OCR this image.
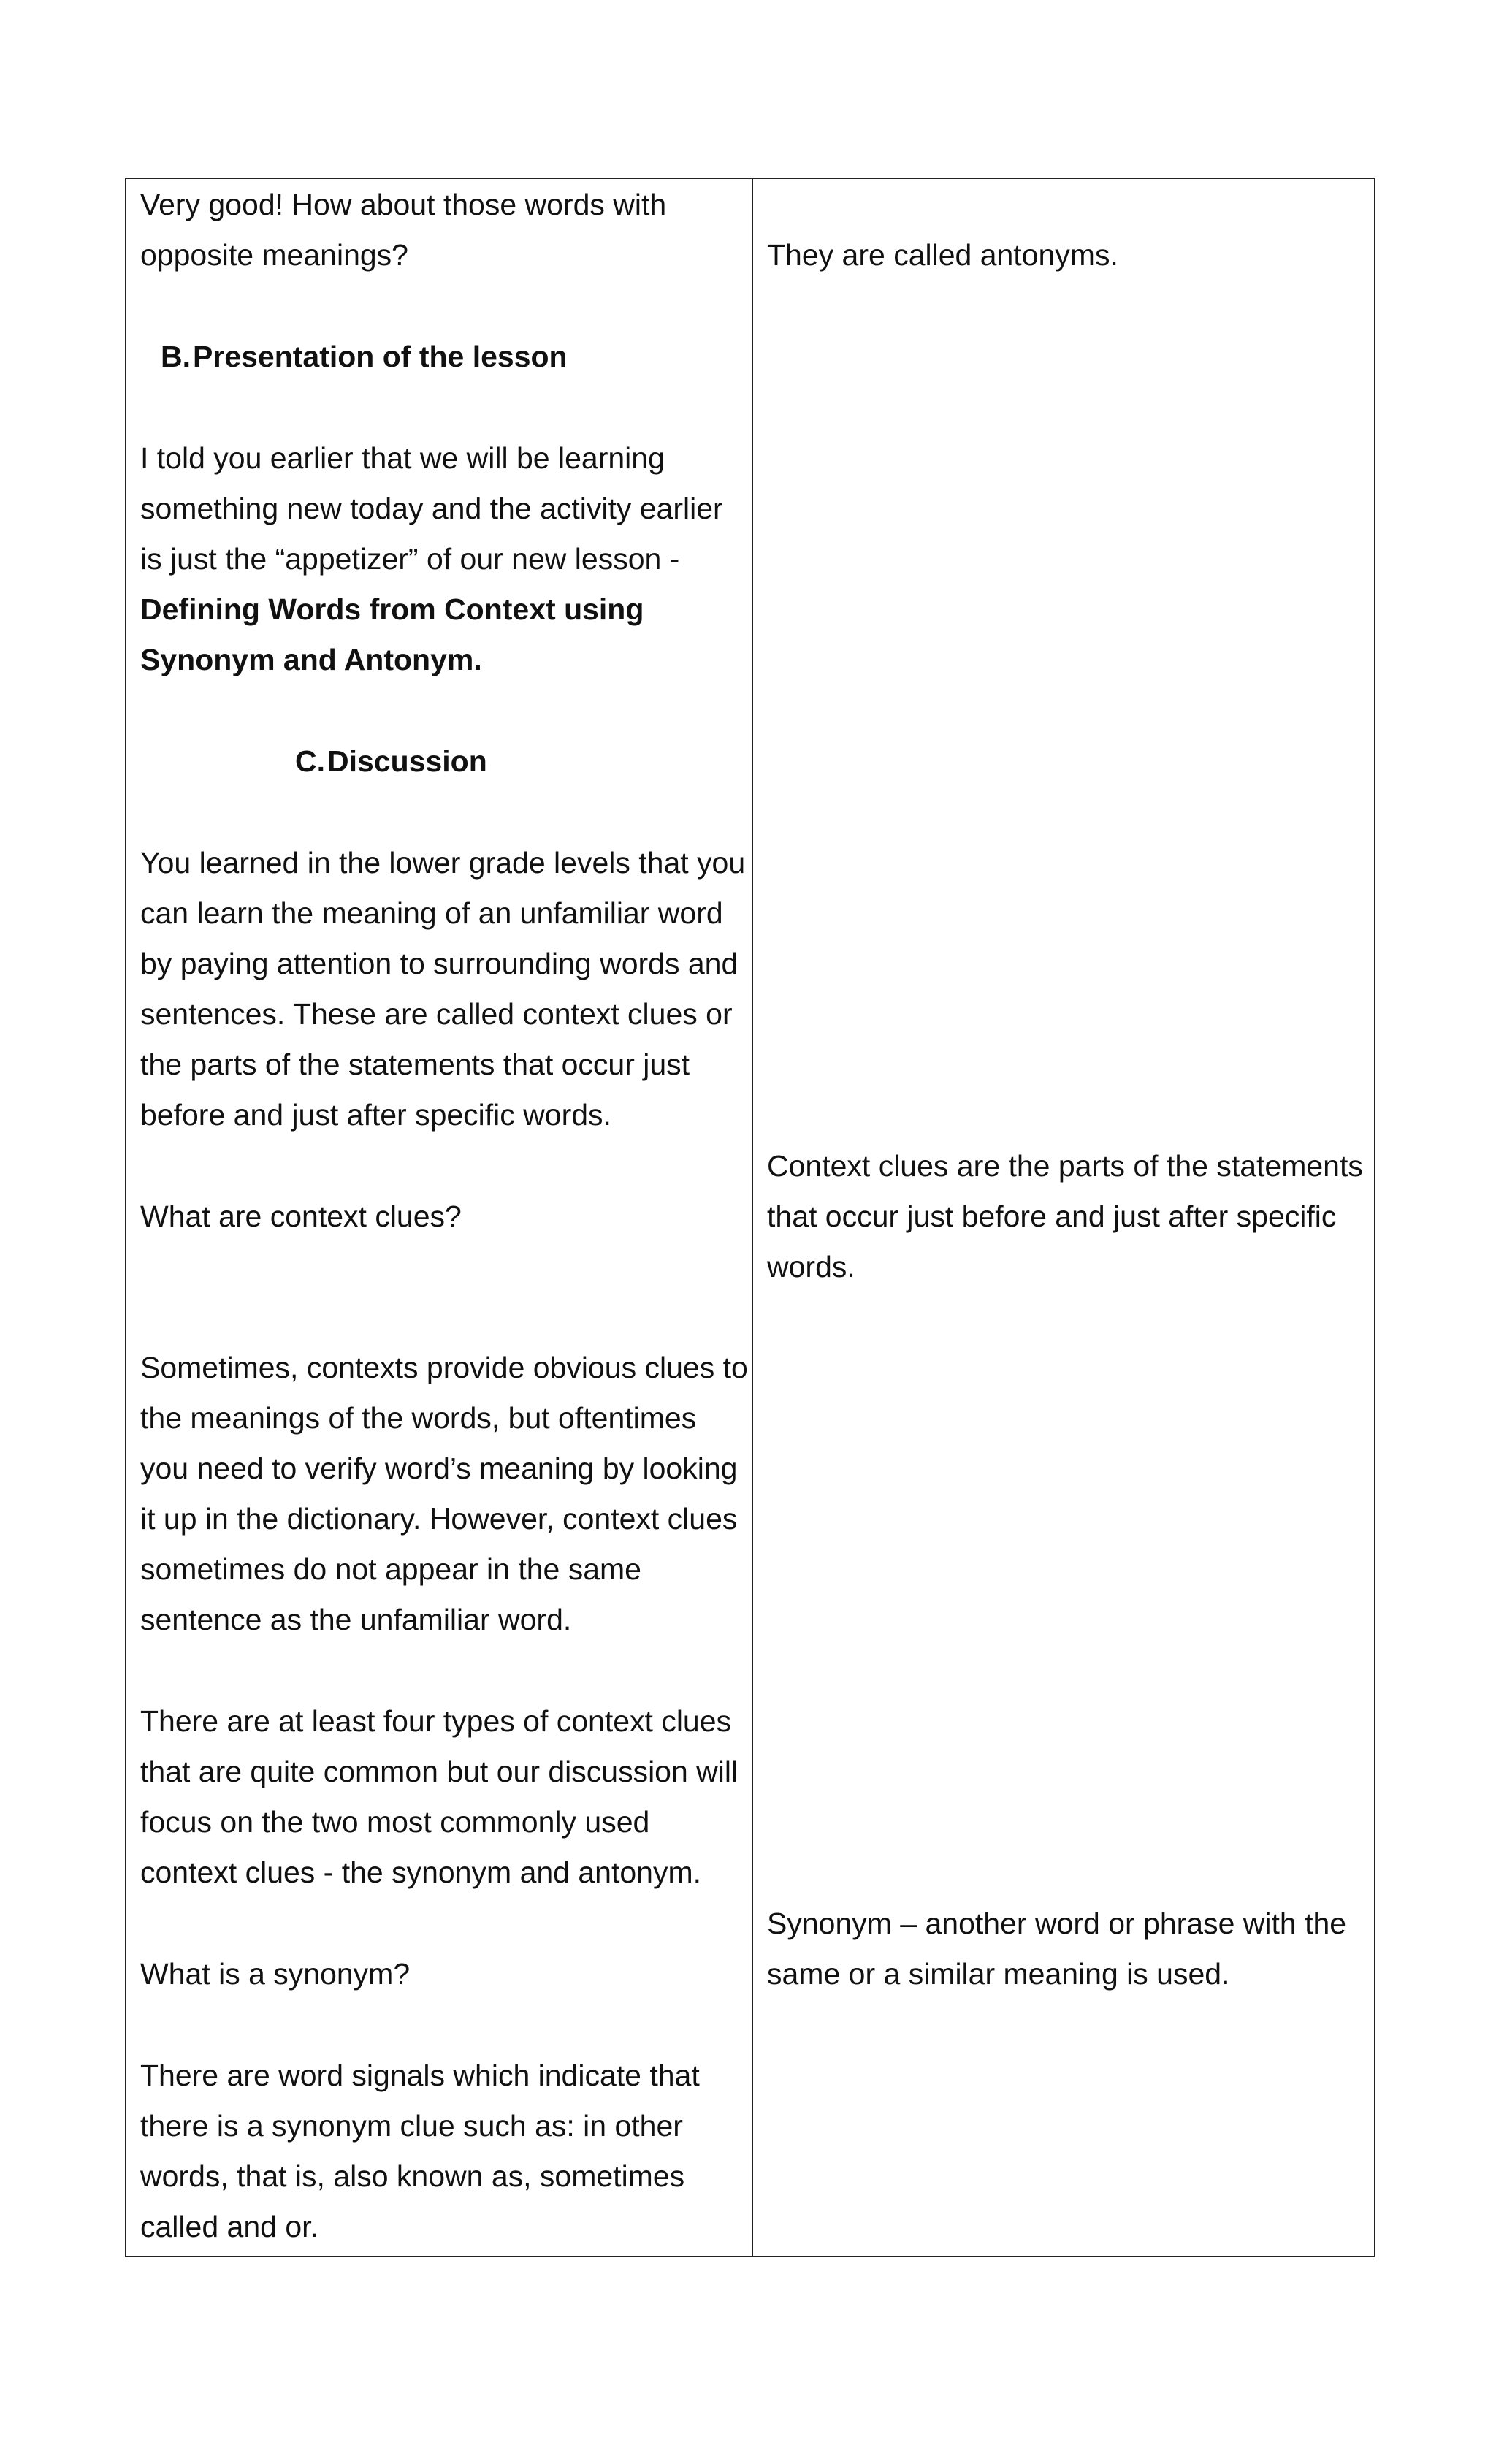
Very good! How about those words with
opposite meanings?
B.Presentation of the lesson
I told you earlier that we will be learning
something new today and the activity earlier
is just the “appetizer” of our new lesson -
Defining Words from Context using
Synonym and Antonym.
C.Discussion
You learned in the lower grade levels that you
can learn the meaning of an unfamiliar word
by paying attention to surrounding words and
sentences. These are called context clues or
the parts of the statements that occur just
before and just after specific words.
What are context clues?
Sometimes, contexts provide obvious clues to
the meanings of the words, but oftentimes
you need to verify word’s meaning by looking
it up in the dictionary. However, context clues
sometimes do not appear in the same
sentence as the unfamiliar word.
There are at least four types of context clues
that are quite common but our discussion will
focus on the two most commonly used
context clues - the synonym and antonym.
What is a synonym?
There are word signals which indicate that
there is a synonym clue such as: in other
words, that is, also known as, sometimes
called and or.
They are called antonyms.
Context clues are the parts of the statements
that occur just before and just after specific
words.
Synonym – another word or phrase with the
same or a similar meaning is used.
